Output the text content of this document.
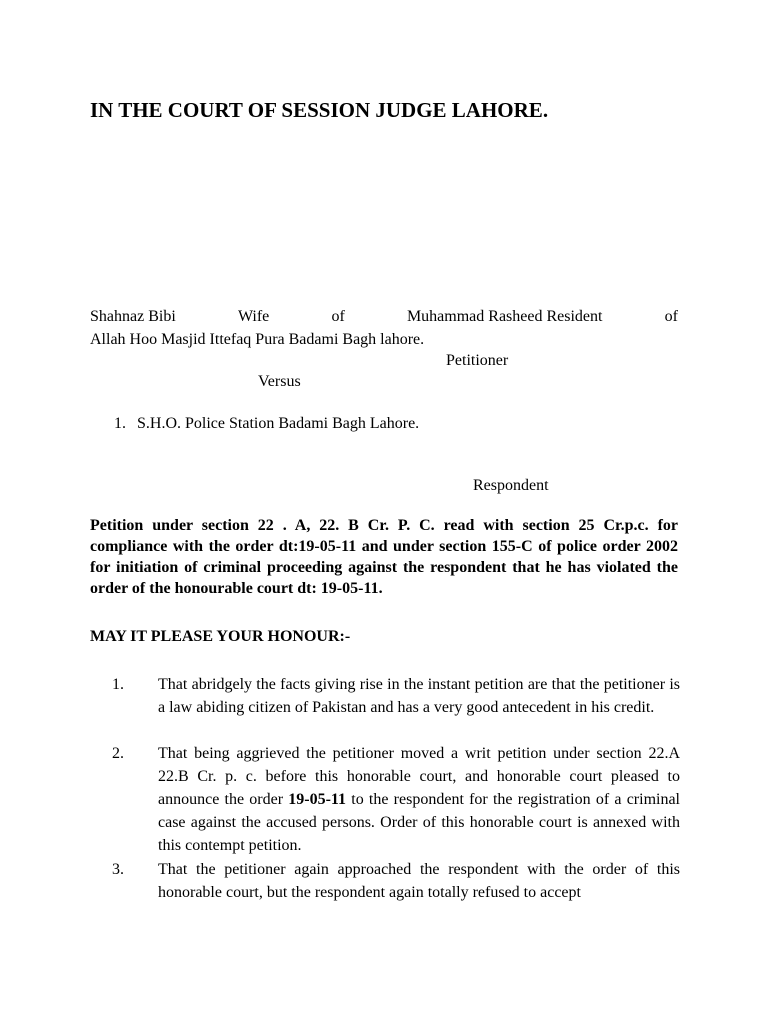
IN THE COURT OF SESSION JUDGE LAHORE.
Shahnaz Bibi	Wife	of	Muhammad Rasheed Resident	of
Allah Hoo Masjid Ittefaq Pura Badami Bagh lahore.
Petitioner
Versus
1. S.H.O. Police Station Badami Bagh Lahore.
Respondent
Petition under section 22 . A, 22. B Cr. P. C. read with section 25 Cr.p.c. for compliance with the order dt:19-05-11 and under section 155-C of police order 2002 for initiation of criminal proceeding against the respondent that he has violated the order of the honourable court dt: 19-05-11.
MAY IT PLEASE YOUR HONOUR:-
1. That abridgely the facts giving rise in the instant petition are that the petitioner is a law abiding citizen of Pakistan and has a very good antecedent in his credit.
2. That being aggrieved the petitioner moved a writ petition under section 22.A 22.B Cr. p. c. before this honorable court, and honorable court pleased to announce the order 19-05-11 to the respondent for the registration of a criminal case against the accused persons. Order of this honorable court is annexed with this contempt petition.
3. That the petitioner again approached the respondent with the order of this honorable court, but the respondent again totally refused to accept
